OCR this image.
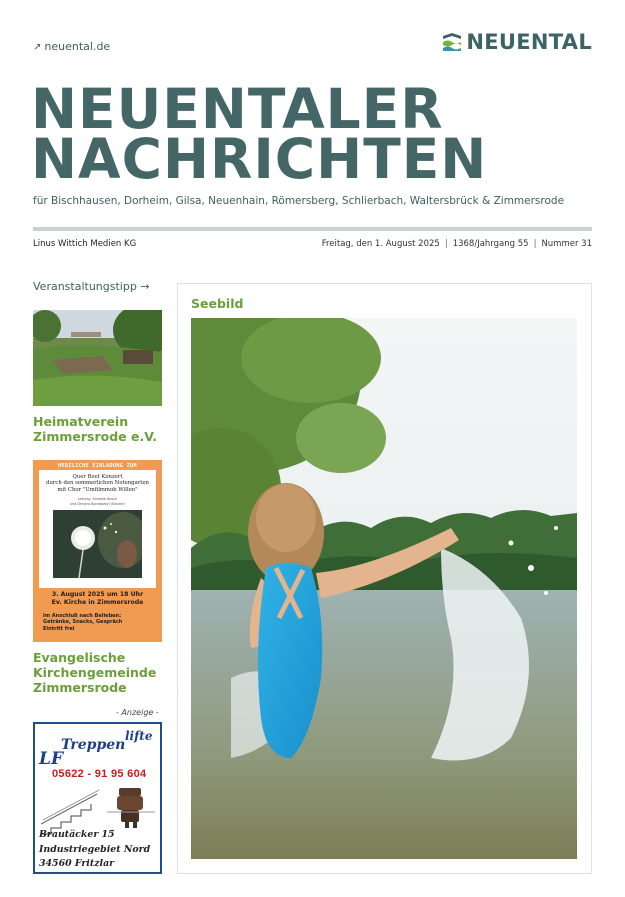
↗ neuental.de	NEUENTAL
NEUENTALER
NACHRICHTEN
für Bischhausen, Dorheim, Gilsa, Neuenhain, Römersberg, Schlierbach, Waltersbrück & Zimmersrode
Linus Wittich Medien KG	Freitag, den 1. August 2025 | 1368/Jahrgang 55 | Nummer 31
Veranstaltungstipp →
Heimatverein
Zimmersrode e.V.
HERZLICHE EINLADUNG ZUM
Quer Beet Konzert
durch den sommerlichen Notengarten
mit Chor "Umfilmmob Willen"
Leitung: Annette Bosch
und Dmytro Borodazkyi (Klavier)
3. August 2025 um 18 Uhr
Ev. Kirche in Zimmersrode
Im Anschluß nach Belieben:
Getränke, Snacks, Gespräch
Eintritt frei
Evangelische
Kirchengemeinde
Zimmersrode
- Anzeige -
lifte
Treppen
LF
05622 - 91 95 604
Brautäcker 15
Industriegebiet Nord
34560 Fritzlar
Seebild
